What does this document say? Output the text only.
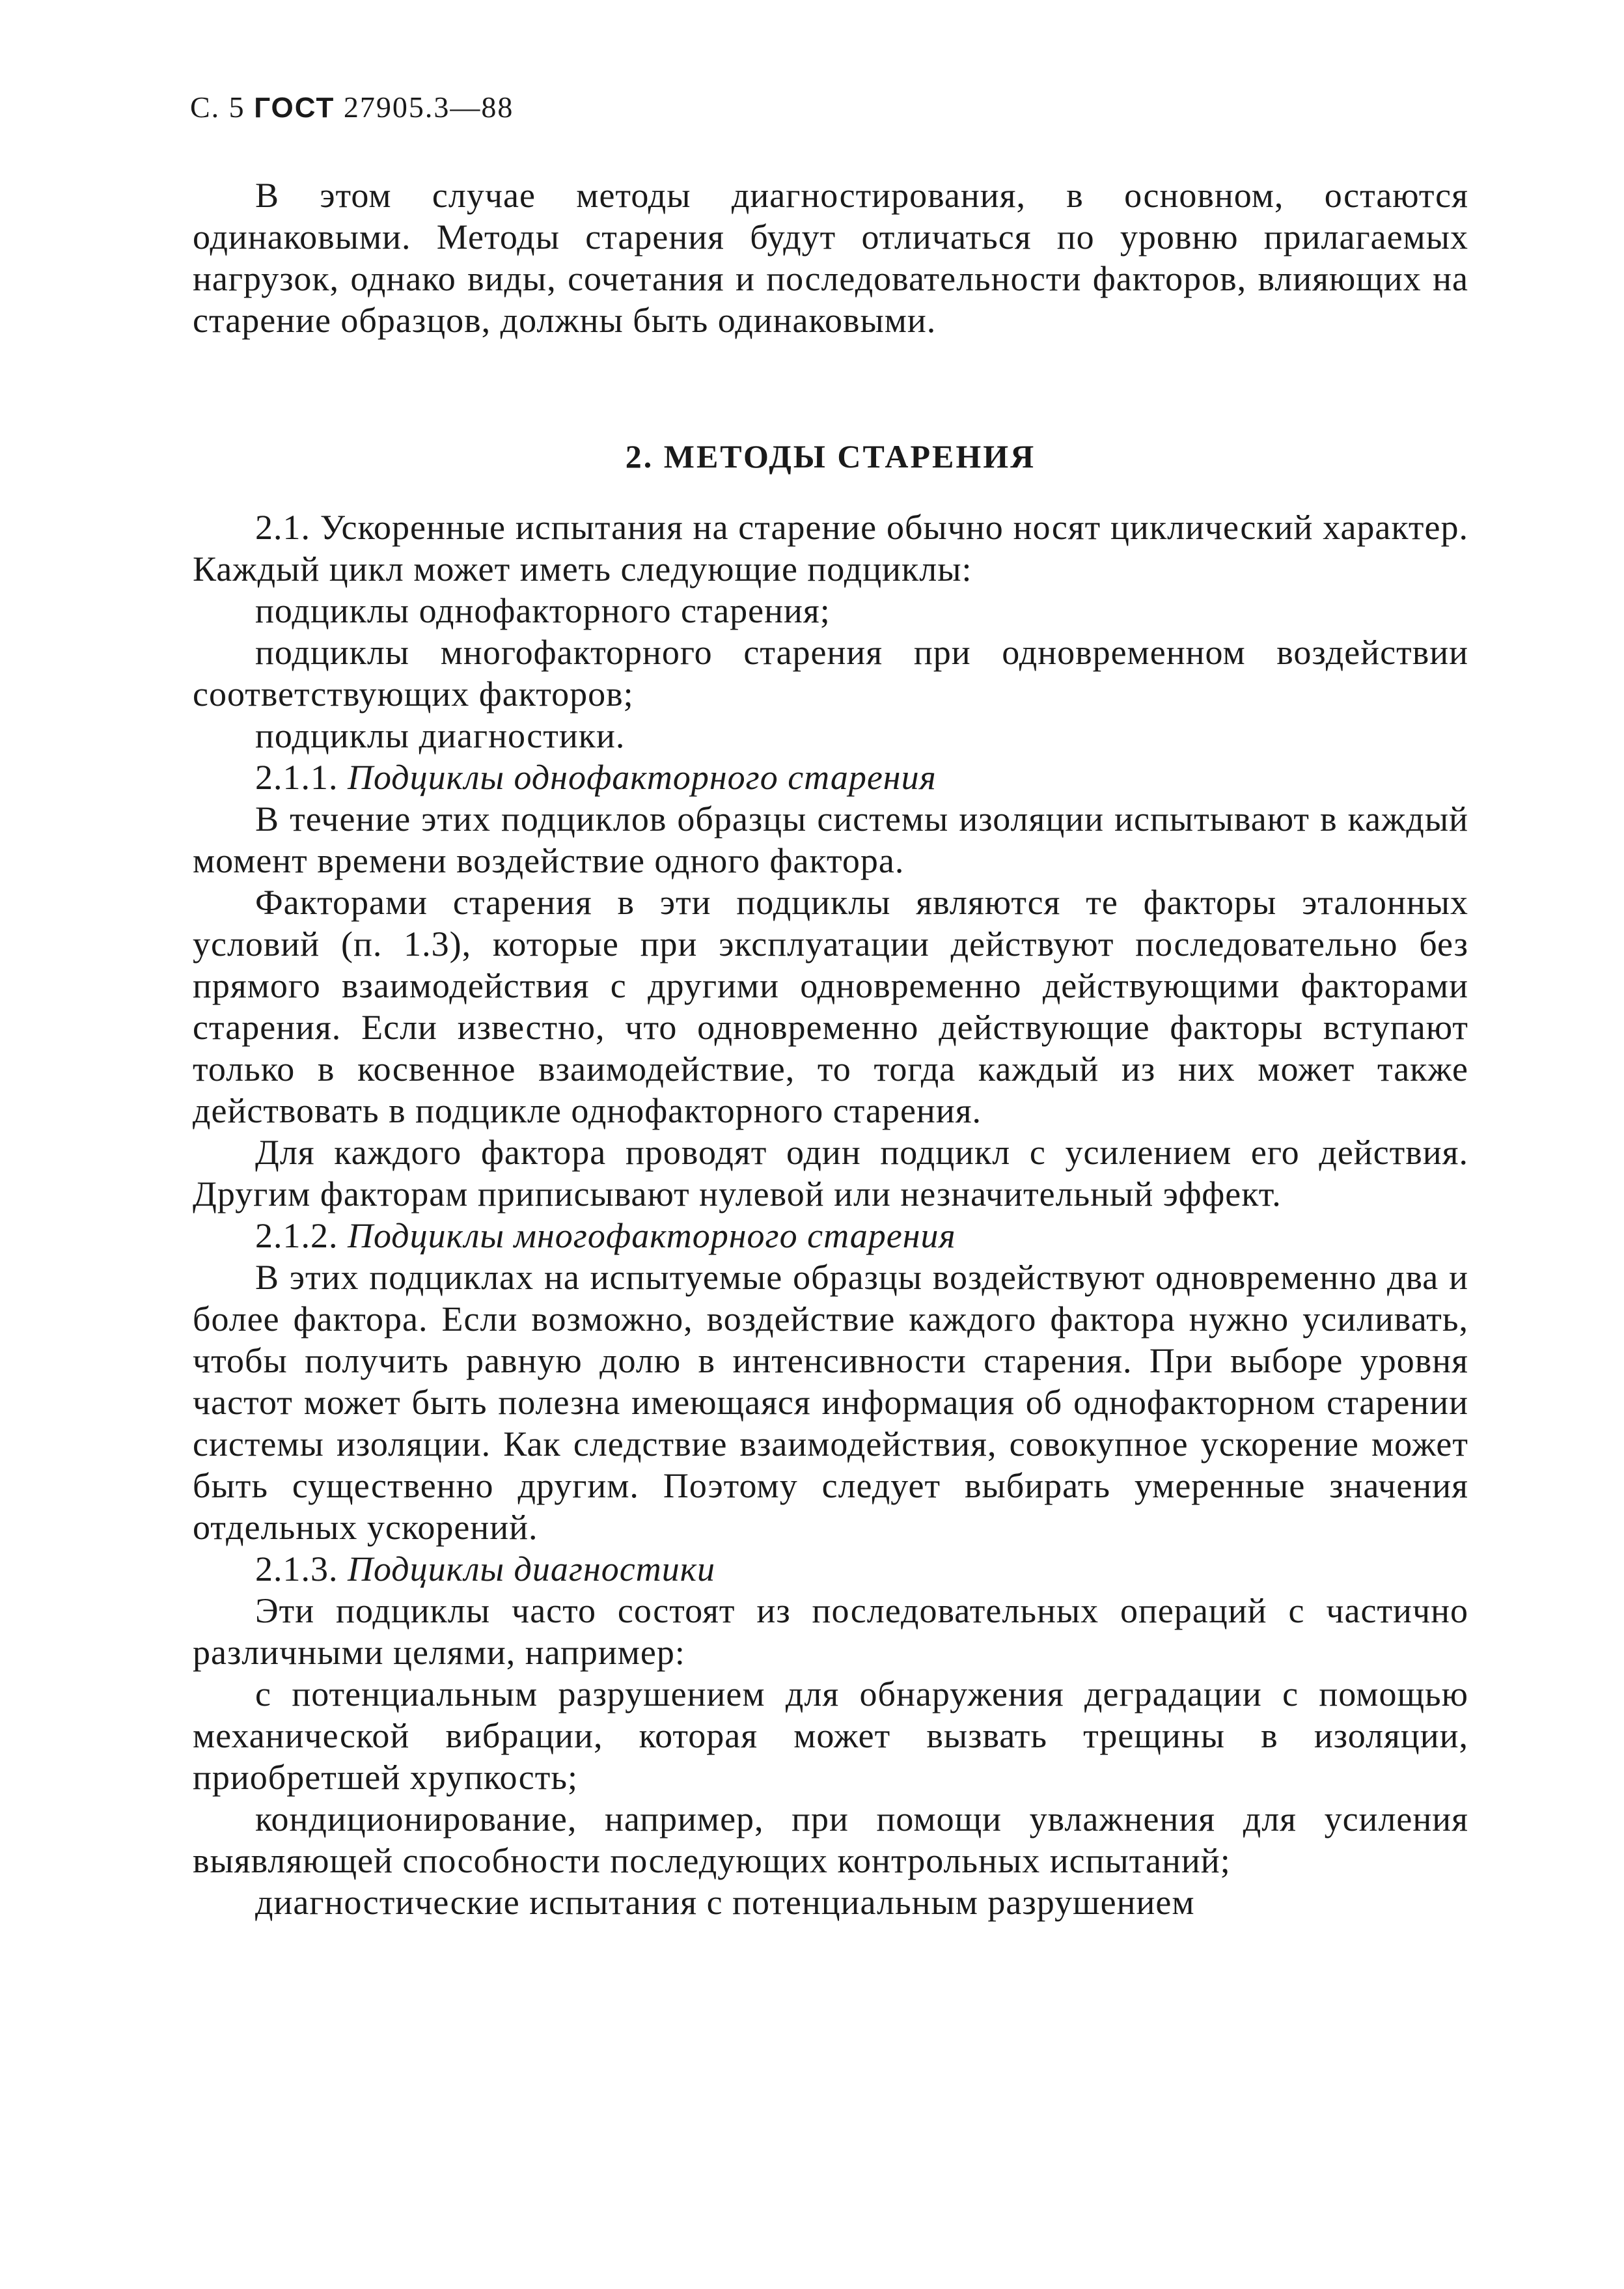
С. 5 ГОСТ 27905.3—88

В этом случае методы диагностирования, в основном, остаются одинаковыми. Методы старения будут отличаться по уровню прилагаемых нагрузок, однако виды, сочетания и последовательности факторов, влияющих на старение образцов, должны быть одинаковыми.

2. МЕТОДЫ СТАРЕНИЯ

2.1. Ускоренные испытания на старение обычно носят циклический характер. Каждый цикл может иметь следующие подциклы:

подциклы однофакторного старения;

подциклы многофакторного старения при одновременном воздействии соответствующих факторов;

подциклы диагностики.

2.1.1. Подциклы однофакторного старения

В течение этих подциклов образцы системы изоляции испытывают в каждый момент времени воздействие одного фактора.

Факторами старения в эти подциклы являются те факторы эталонных условий (п. 1.3), которые при эксплуатации действуют последовательно без прямого взаимодействия с другими одновременно действующими факторами старения. Если известно, что одновременно действующие факторы вступают только в косвенное взаимодействие, то тогда каждый из них может также действовать в подцикле однофакторного старения.

Для каждого фактора проводят один подцикл с усилением его действия. Другим факторам приписывают нулевой или незначительный эффект.

2.1.2. Подциклы многофакторного старения

В этих подциклах на испытуемые образцы воздействуют одновременно два и более фактора. Если возможно, воздействие каждого фактора нужно усиливать, чтобы получить равную долю в интенсивности старения. При выборе уровня частот может быть полезна имеющаяся информация об однофакторном старении системы изоляции. Как следствие взаимодействия, совокупное ускорение может быть существенно другим. Поэтому следует выбирать умеренные значения отдельных ускорений.

2.1.3. Подциклы диагностики

Эти подциклы часто состоят из последовательных операций с частично различными целями, например:

с потенциальным разрушением для обнаружения деградации с помощью механической вибрации, которая может вызвать трещины в изоляции, приобретшей хрупкость;

кондиционирование, например, при помощи увлажнения для усиления выявляющей способности последующих контрольных испытаний;

диагностические испытания с потенциальным разрушением
